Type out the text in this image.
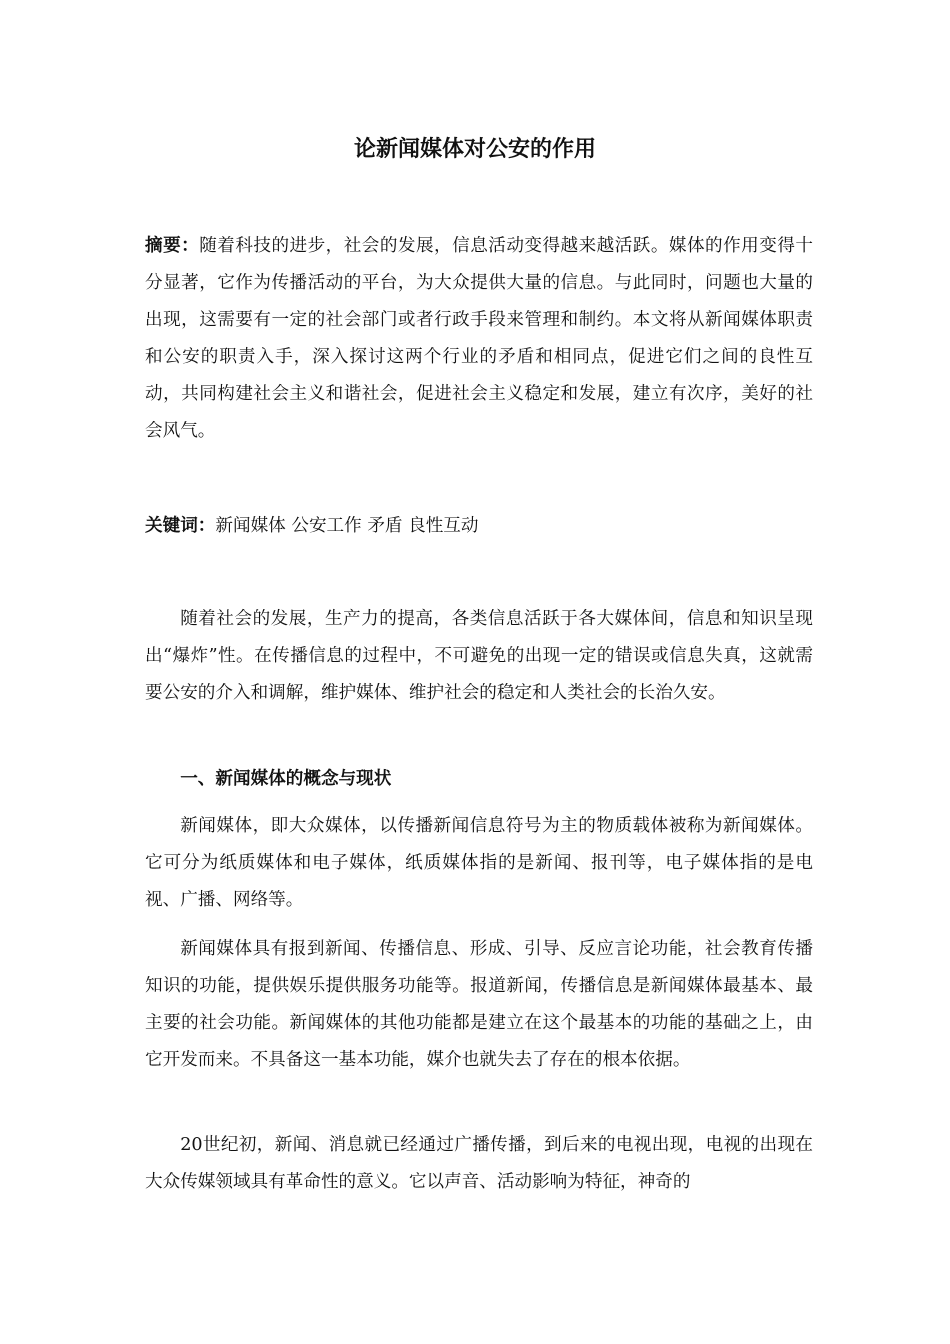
论新闻媒体对公安的作用

摘要：随着科技的进步，社会的发展，信息活动变得越来越活跃。媒体的作用变得十分显著，它作为传播活动的平台，为大众提供大量的信息。与此同时，问题也大量的出现，这需要有一定的社会部门或者行政手段来管理和制约。本文将从新闻媒体职责和公安的职责入手，深入探讨这两个行业的矛盾和相同点，促进它们之间的良性互动，共同构建社会主义和谐社会，促进社会主义稳定和发展，建立有次序，美好的社会风气。

关键词：新闻媒体 公安工作 矛盾 良性互动

随着社会的发展，生产力的提高，各类信息活跃于各大媒体间，信息和知识呈现出“爆炸”性。在传播信息的过程中，不可避免的出现一定的错误或信息失真，这就需要公安的介入和调解，维护媒体、维护社会的稳定和人类社会的长治久安。

一、新闻媒体的概念与现状

新闻媒体，即大众媒体，以传播新闻信息符号为主的物质载体被称为新闻媒体。它可分为纸质媒体和电子媒体，纸质媒体指的是新闻、报刊等，电子媒体指的是电视、广播、网络等。

新闻媒体具有报到新闻、传播信息、形成、引导、反应言论功能，社会教育传播知识的功能，提供娱乐提供服务功能等。报道新闻，传播信息是新闻媒体最基本、最主要的社会功能。新闻媒体的其他功能都是建立在这个最基本的功能的基础之上，由它开发而来。不具备这一基本功能，媒介也就失去了存在的根本依据。

20世纪初，新闻、消息就已经通过广播传播，到后来的电视出现，电视的出现在大众传媒领域具有革命性的意义。它以声音、活动影响为特征，神奇的
